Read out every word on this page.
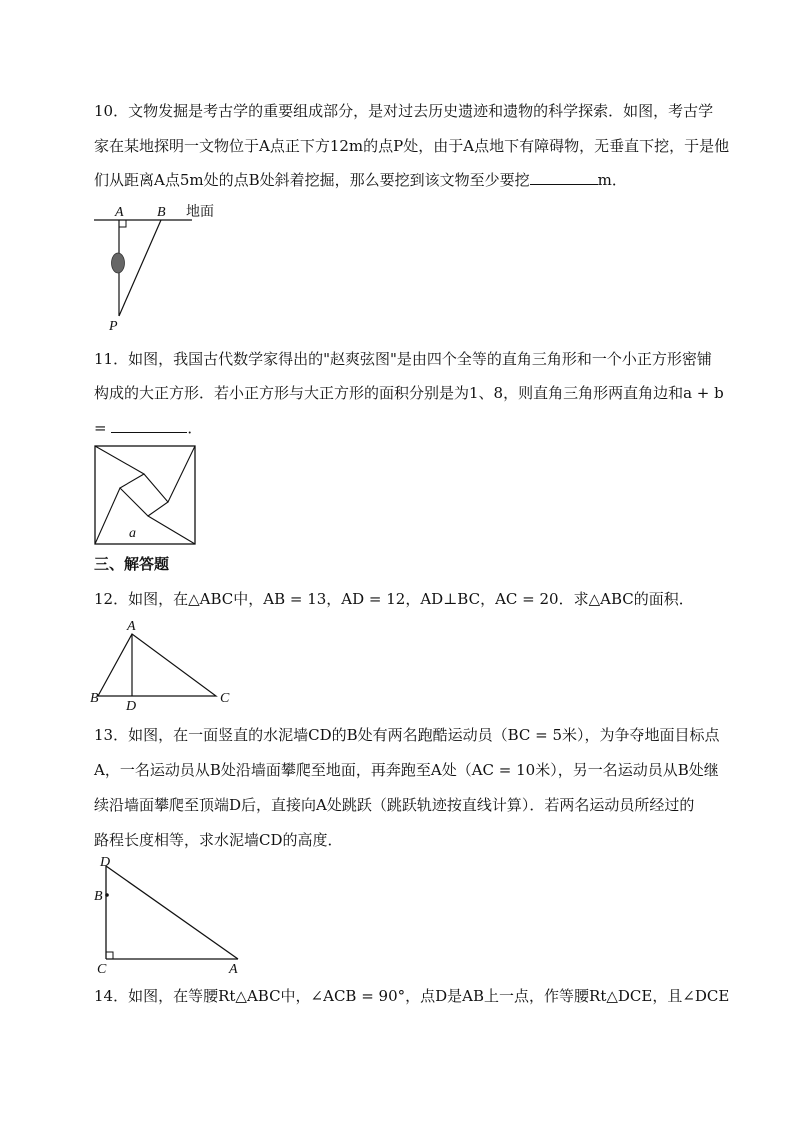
10．文物发掘是考古学的重要组成部分，是对过去历史遗迹和遗物的科学探索．如图，考古学
家在某地探明一文物位于A点正下方12m的点P处，由于A点地下有障碍物，无垂直下挖，于是他
们从距离A点5m处的点B处斜着挖掘，那么要挖到该文物至少要挖	m．
A B
P
地面
11．如图，我国古代数学家得出的"赵爽弦图"是由四个全等的直角三角形和一个小正方形密铺
构成的大正方形．若小正方形与大正方形的面积分别是为1、8，则直角三角形两直角边和a + b
=	．
a
三、解答题
12．如图，在△ABC中，AB = 13，AD = 12，AD⊥BC，AC = 20．求△ABC的面积．
A
B	C
D
13．如图，在一面竖直的水泥墙CD的B处有两名跑酷运动员（BC = 5米），为争夺地面目标点
A，一名运动员从B处沿墙面攀爬至地面，再奔跑至A处（AC = 10米），另一名运动员从B处继
续沿墙面攀爬至顶端D后，直接向A处跳跃（跳跃轨迹按直线计算）．若两名运动员所经过的
路程长度相等，求水泥墙CD的高度．
D
B
C	A
14．如图，在等腰Rt△ABC中，∠ACB = 90°，点D是AB上一点，作等腰Rt△DCE，且∠DCE
